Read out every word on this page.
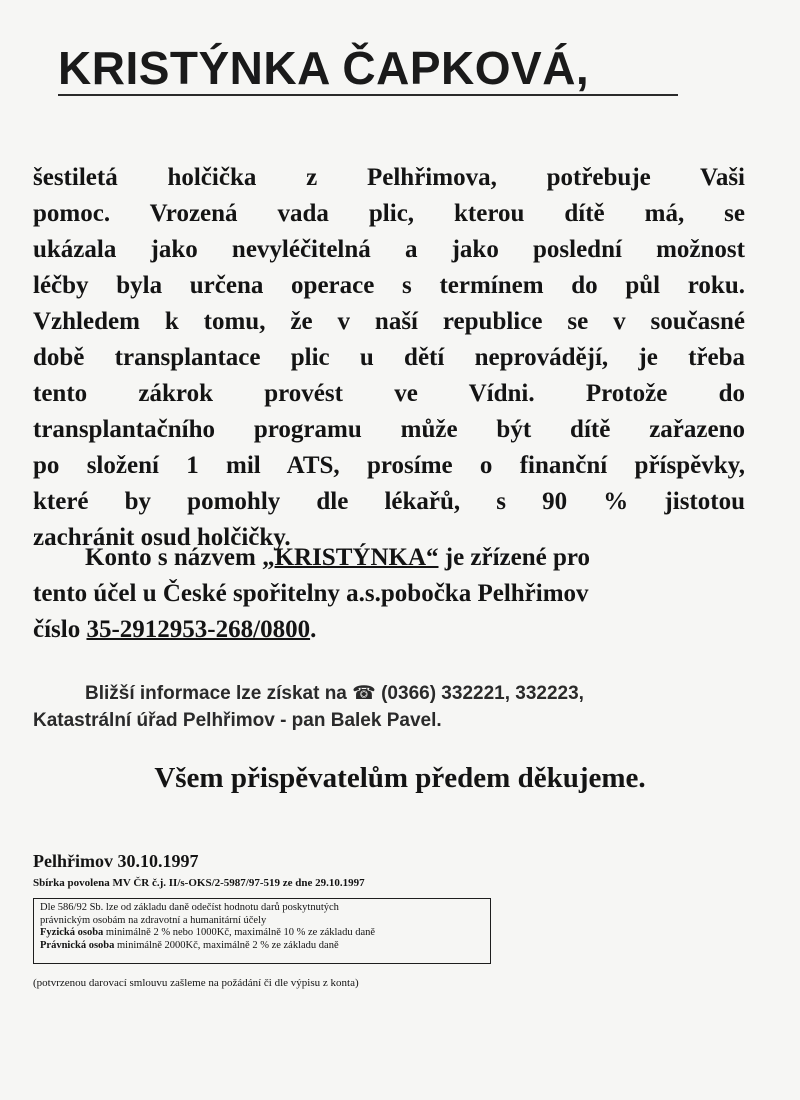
KRISTÝNKA ČAPKOVÁ,
šestiletá holčička z Pelhřimova, potřebuje Vaši
pomoc. Vrozená vada plic, kterou dítě má, se
ukázala jako nevyléčitelná a jako poslední možnost
léčby byla určena operace s termínem do půl roku.
Vzhledem k tomu, že v naší republice se v současné
době transplantace plic u dětí neprovádějí, je třeba
tento zákrok provést ve Vídni. Protože do
transplantačního programu může být dítě zařazeno
po složení 1 mil ATS, prosíme o finanční příspěvky,
které by pomohly dle lékařů, s 90 % jistotou
zachránit osud holčičky.
Konto s názvem „KRISTÝNKA“ je zřízené pro
tento účel u České spořitelny a.s.pobočka Pelhřimov
číslo 35-2912953-268/0800.
Bližší informace lze získat na ☎ (0366) 332221, 332223,
Katastrální úřad Pelhřimov - pan Balek Pavel.
Všem přispěvatelům předem děkujeme.
Pelhřimov 30.10.1997
Sbírka povolena MV ČR č.j. II/s-OKS/2-5987/97-519 ze dne 29.10.1997
Dle 586/92 Sb. lze od základu daně odečíst hodnotu darů poskytnutých
právnickým osobám na zdravotní a humanitární účely
Fyzická osoba minimálně 2 % nebo 1000Kč, maximálně 10 % ze základu daně
Právnická osoba minimálně 2000Kč, maximálně 2 % ze základu daně
(potvrzenou darovací smlouvu zašleme na požádání či dle výpisu z konta)
